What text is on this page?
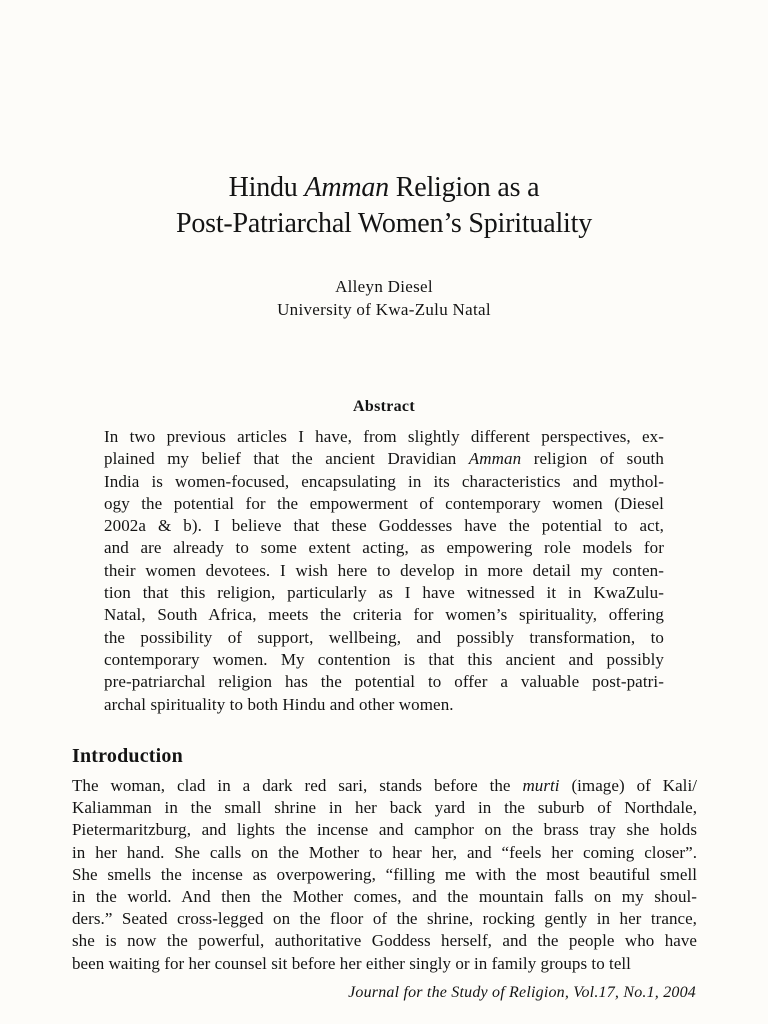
Hindu Amman Religion as a
Post-Patriarchal Women’s Spirituality
Alleyn Diesel
University of Kwa-Zulu Natal
Abstract
In two previous articles I have, from slightly different perspectives, ex-
plained my belief that the ancient Dravidian Amman religion of south
India is women-focused, encapsulating in its characteristics and mythol-
ogy the potential for the empowerment of contemporary women (Diesel
2002a & b). I believe that these Goddesses have the potential to act,
and are already to some extent acting, as empowering role models for
their women devotees. I wish here to develop in more detail my conten-
tion that this religion, particularly as I have witnessed it in KwaZulu-
Natal, South Africa, meets the criteria for women’s spirituality, offering
the possibility of support, wellbeing, and possibly transformation, to
contemporary women. My contention is that this ancient and possibly
pre-patriarchal religion has the potential to offer a valuable post-patri-
archal spirituality to both Hindu and other women.
Introduction
The woman, clad in a dark red sari, stands before the murti (image) of Kali/
Kaliamman in the small shrine in her back yard in the suburb of Northdale,
Pietermaritzburg, and lights the incense and camphor on the brass tray she holds
in her hand. She calls on the Mother to hear her, and “feels her coming closer”.
She smells the incense as overpowering, “filling me with the most beautiful smell
in the world. And then the Mother comes, and the mountain falls on my shoul-
ders.” Seated cross-legged on the floor of the shrine, rocking gently in her trance,
she is now the powerful, authoritative Goddess herself, and the people who have
been waiting for her counsel sit before her either singly or in family groups to tell
Journal for the Study of Religion, Vol.17, No.1, 2004
